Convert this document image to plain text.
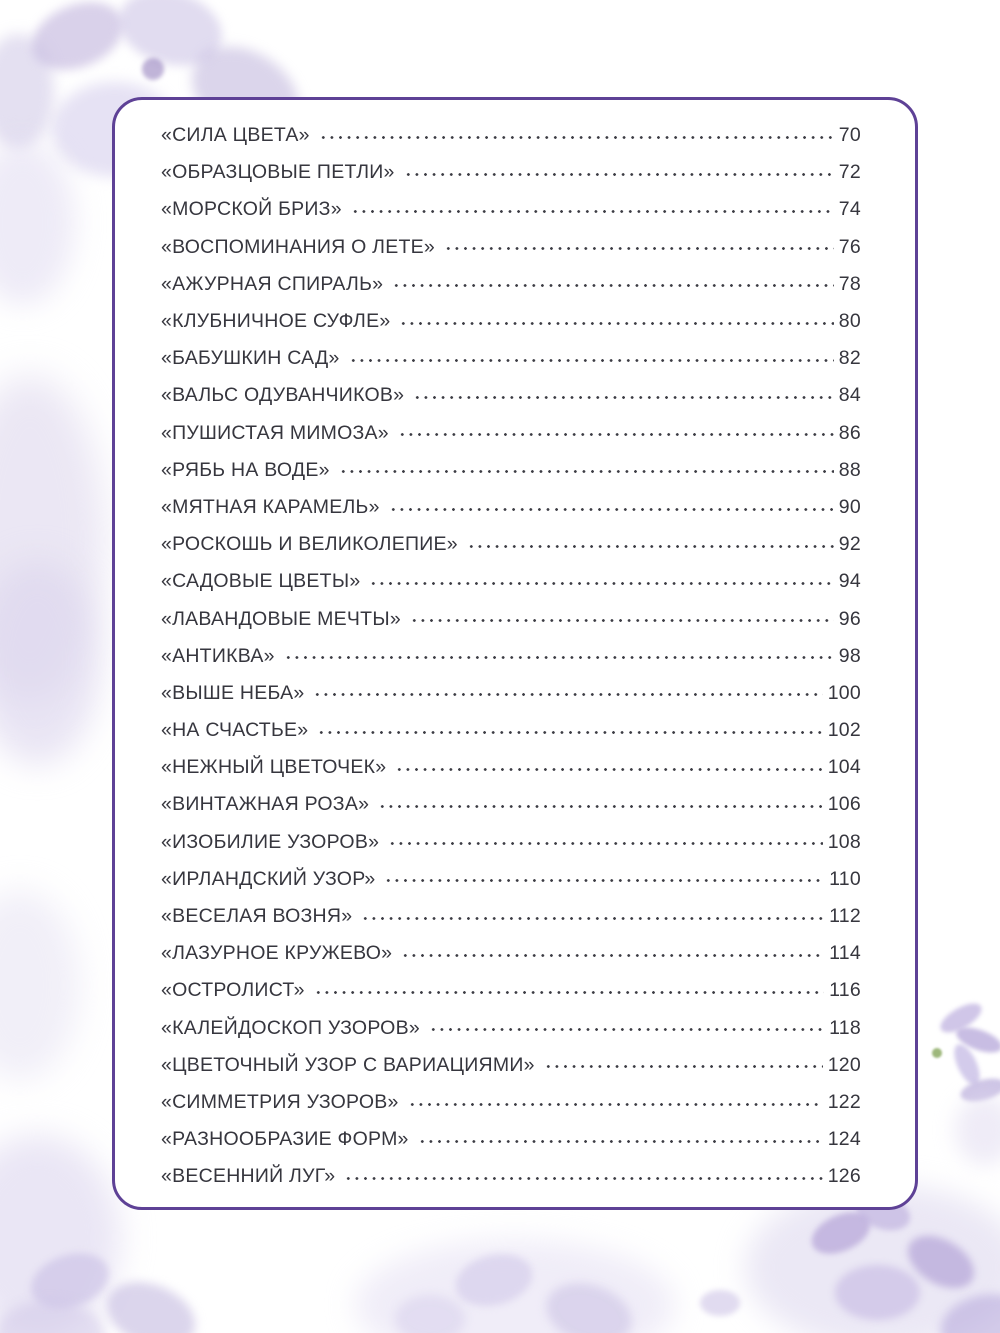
«СИЛА ЦВЕТА»	70
«ОБРАЗЦОВЫЕ ПЕТЛИ»	72
«МОРСКОЙ БРИЗ»	74
«ВОСПОМИНАНИЯ О ЛЕТЕ»	76
«АЖУРНАЯ СПИРАЛЬ»	78
«КЛУБНИЧНОЕ СУФЛЕ»	80
«БАБУШКИН САД»	82
«ВАЛЬС ОДУВАНЧИКОВ»	84
«ПУШИСТАЯ МИМОЗА»	86
«РЯБЬ НА ВОДЕ»	88
«МЯТНАЯ КАРАМЕЛЬ»	90
«РОСКОШЬ И ВЕЛИКОЛЕПИЕ»	92
«САДОВЫЕ ЦВЕТЫ»	94
«ЛАВАНДОВЫЕ МЕЧТЫ»	96
«АНТИКВА»	98
«ВЫШЕ НЕБА»	100
«НА СЧАСТЬЕ»	102
«НЕЖНЫЙ ЦВЕТОЧЕК»	104
«ВИНТАЖНАЯ РОЗА»	106
«ИЗОБИЛИЕ УЗОРОВ»	108
«ИРЛАНДСКИЙ УЗОР»	110
«ВЕСЕЛАЯ ВОЗНЯ»	112
«ЛАЗУРНОЕ КРУЖЕВО»	114
«ОСТРОЛИСТ»	116
«КАЛЕЙДОСКОП УЗОРОВ»	118
«ЦВЕТОЧНЫЙ УЗОР С ВАРИАЦИЯМИ»	120
«СИММЕТРИЯ УЗОРОВ»	122
«РАЗНООБРАЗИЕ ФОРМ»	124
«ВЕСЕННИЙ ЛУГ»	126
